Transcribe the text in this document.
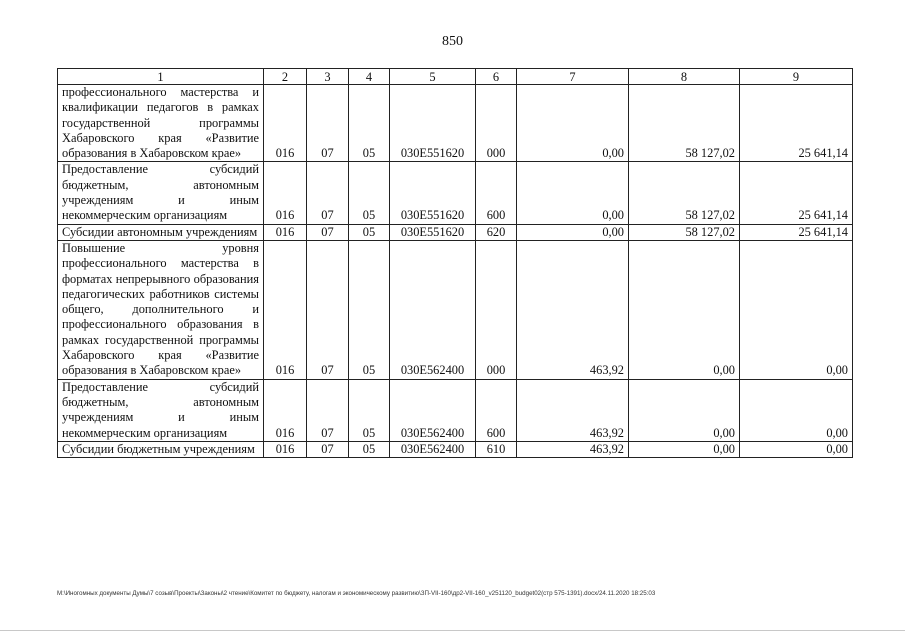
850
1	2	3	4	5	6	7	8	9
профессионального мастерства и квалификации педагогов в рамках государственной программы Хабаровского края «Развитие образования в Хабаровском крае»	016	07	05	030E551620	000	0,00	58 127,02	25 641,14
Предоставление субсидий бюджетным, автономным учреждениям и иным некоммерческим организациям	016	07	05	030E551620	600	0,00	58 127,02	25 641,14
Субсидии автономным учреждениям	016	07	05	030E551620	620	0,00	58 127,02	25 641,14
Повышение уровня профессионального мастерства в форматах непрерывного образования педагогических работников системы общего, дополнительного и профессионального образования в рамках государственной программы Хабаровского края «Развитие образования в Хабаровском крае»	016	07	05	030E562400	000	463,92	0,00	0,00
Предоставление субсидий бюджетным, автономным учреждениям и иным некоммерческим организациям	016	07	05	030E562400	600	463,92	0,00	0,00
Субсидии бюджетным учреждениям	016	07	05	030E562400	610	463,92	0,00	0,00
M:\Иногомных документы Думы\7 созыв\Проекты\Законы\2 чтение\Комитет по бюджету, налогам и экономическому развитию\ЗП-VII-160\др2-VII-160_v251120_budget02(стр 575-1391).docx/24.11.2020 18:25:03
